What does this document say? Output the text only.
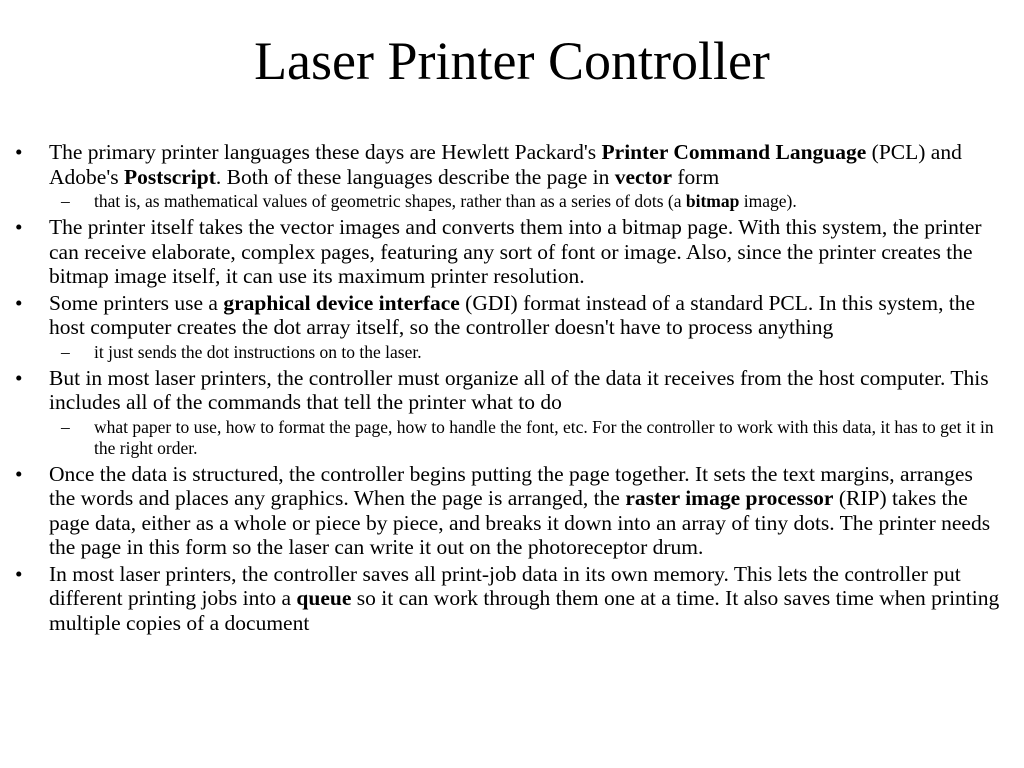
Laser Printer Controller
• The primary printer languages these days are Hewlett Packard's Printer Command Language (PCL) and Adobe's Postscript. Both of these languages describe the page in vector form
– that is, as mathematical values of geometric shapes, rather than as a series of dots (a bitmap image).
• The printer itself takes the vector images and converts them into a bitmap page. With this system, the printer can receive elaborate, complex pages, featuring any sort of font or image. Also, since the printer creates the bitmap image itself, it can use its maximum printer resolution.
• Some printers use a graphical device interface (GDI) format instead of a standard PCL. In this system, the host computer creates the dot array itself, so the controller doesn't have to process anything
– it just sends the dot instructions on to the laser.
• But in most laser printers, the controller must organize all of the data it receives from the host computer. This includes all of the commands that tell the printer what to do
– what paper to use, how to format the page, how to handle the font, etc. For the controller to work with this data, it has to get it in the right order.
• Once the data is structured, the controller begins putting the page together. It sets the text margins, arranges the words and places any graphics. When the page is arranged, the raster image processor (RIP) takes the page data, either as a whole or piece by piece, and breaks it down into an array of tiny dots. The printer needs the page in this form so the laser can write it out on the photoreceptor drum.
• In most laser printers, the controller saves all print-job data in its own memory. This lets the controller put different printing jobs into a queue so it can work through them one at a time. It also saves time when printing multiple copies of a document
